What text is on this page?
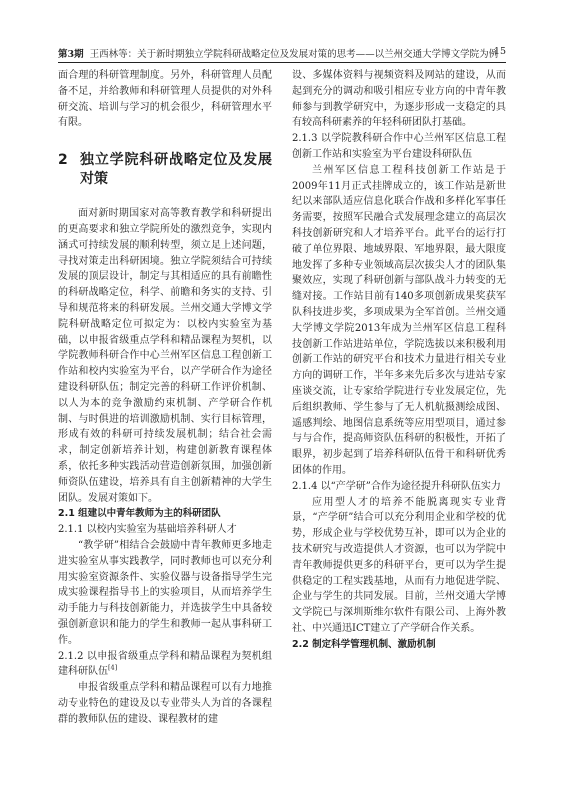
第3期 王西林等：关于新时期独立学院科研战略定位及发展对策的思考——以兰州交通大学博文学院为例
15

面合理的科研管理制度。另外，科研管理人员配备不足，并给教师和科研管理人员提供的对外科研交流、培训与学习的机会很少，科研管理水平有限。

2 独立学院科研战略定位及发展对策

面对新时期国家对高等教育教学和科研提出的更高要求和独立学院所处的激烈竞争，实现内涵式可持续发展的顺利转型，须立足上述问题，寻找对策走出科研困境。独立学院须结合可持续发展的顶层设计，制定与其相适应的具有前瞻性的科研战略定位，科学、前瞻和务实的支持、引导和规范将来的科研发展。兰州交通大学博文学院科研战略定位可拟定为：以校内实验室为基础，以申报省级重点学科和精品课程为契机，以学院教师科研合作中心兰州军区信息工程创新工作站和校内实验室为平台，以产学研合作为途径建设科研队伍；制定完善的科研工作评价机制、以人为本的竞争激励约束机制、产学研合作机制、与时俱进的培训激励机制、实行目标管理，形成有效的科研可持续发展机制；结合社会需求，制定创新培养计划，构建创新教育课程体系，依托多种实践活动营造创新氛围，加强创新师资队伍建设，培养具有自主创新精神的大学生团队。发展对策如下。

2.1 组建以中青年教师为主的科研团队

2.1.1 以校内实验室为基础培养科研人才

“教学研”相结合会鼓励中青年教师更多地走进实验室从事实践教学，同时教师也可以充分利用实验室资源条件、实验仪器与设备指导学生完成实验课程指导书上的实验项目，从而培养学生动手能力与科技创新能力，并选拔学生中具备较强创新意识和能力的学生和教师一起从事科研工作。

2.1.2 以申报省级重点学科和精品课程为契机组建科研队伍[4]

申报省级重点学科和精品课程可以有力地推动专业特色的建设及以专业带头人为首的各课程群的教师队伍的建设、课程教材的建

设、多媒体资料与视频资料及网站的建设，从而起到充分的调动和吸引相应专业方向的中青年教师参与到教学研究中，为逐步形成一支稳定的具有较高科研素养的年轻科研团队打基础。

2.1.3 以学院教科研合作中心兰州军区信息工程创新工作站和实验室为平台建设科研队伍

兰州军区信息工程科技创新工作站是于2009年11月正式挂牌成立的，该工作站是新世纪以来部队适应信息化联合作战和多样化军事任务需要，按照军民融合式发展理念建立的高层次科技创新研究和人才培养平台。此平台的运行打破了单位界限、地域界限、军地界限，最大限度地发挥了多种专业领域高层次拔尖人才的团队集聚效应，实现了科研创新与部队战斗力转变的无缝对接。工作站目前有140多项创新成果奖获军队科技进步奖，多项成果为全军首创。兰州交通大学博文学院2013年成为兰州军区信息工程科技创新工作站进站单位，学院选拔以来积极利用创新工作站的研究平台和技术力量进行相关专业方向的调研工作，半年多来先后多次与进站专家座谈交流，让专家给学院进行专业发展定位，先后组织教师、学生参与了无人机航摄测绘成图、遥感判绘、地图信息系统等应用型项目，通过参与与合作，提高师资队伍科研的积极性，开拓了眼界，初步起到了培养科研队伍骨干和科研优秀团体的作用。

2.1.4 以“产学研”合作为途径提升科研队伍实力

应用型人才的培养不能脱离现实专业背景，“产学研”结合可以充分利用企业和学校的优势，形成企业与学校优势互补，即可以为企业的技术研究与改造提供人才资源，也可以为学院中青年教师提供更多的科研平台，更可以为学生提供稳定的工程实践基地，从而有力地促进学院、企业与学生的共同发展。目前，兰州交通大学博文学院已与深圳斯维尔软件有限公司、上海外教社、中兴通迅ICT建立了产学研合作关系。

2.2 制定科学管理机制、激励机制
